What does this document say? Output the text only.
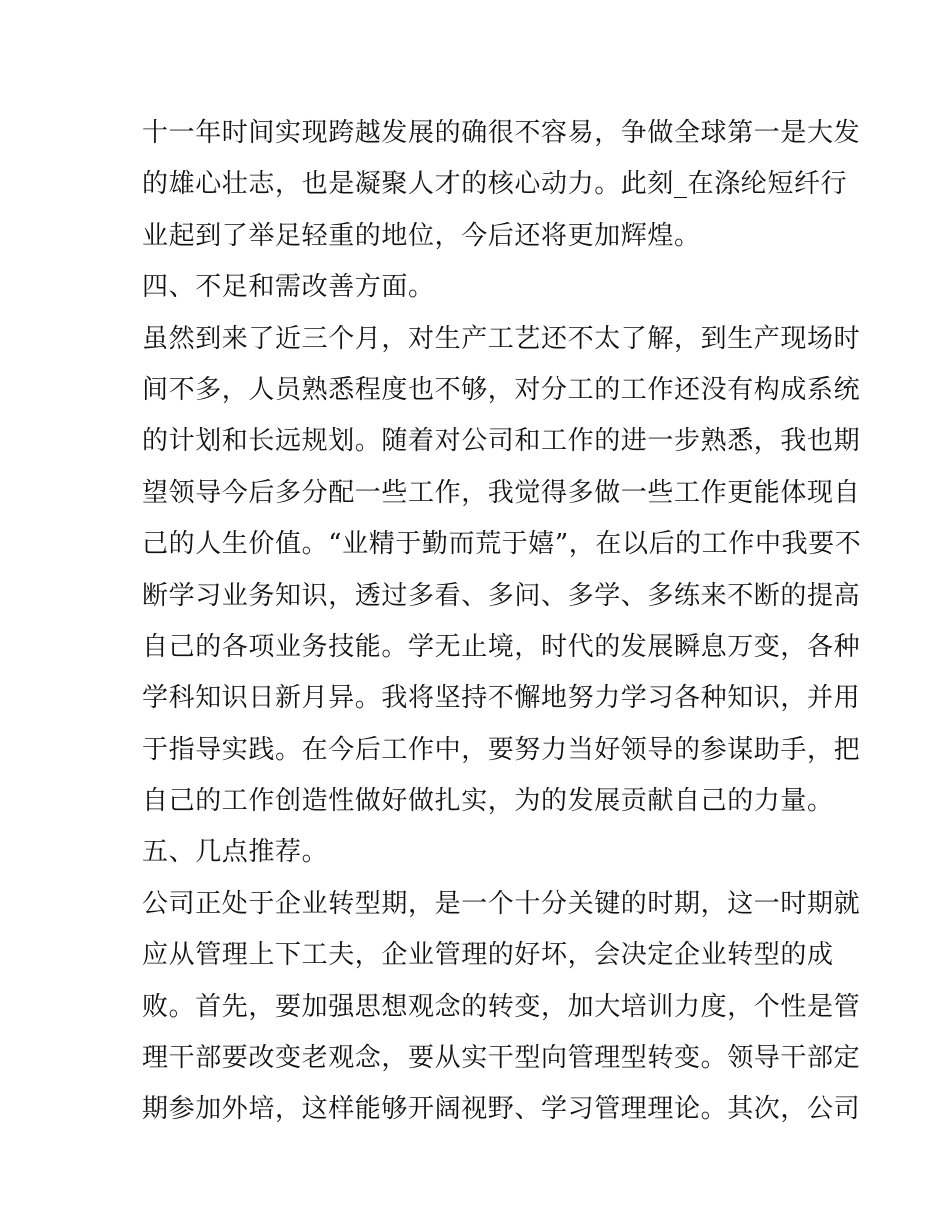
十一年时间实现跨越发展的确很不容易，争做全球第一是大发
的雄心壮志，也是凝聚人才的核心动力。此刻_在涤纶短纤行
业起到了举足轻重的地位，今后还将更加辉煌。
四、不足和需改善方面。
虽然到来了近三个月，对生产工艺还不太了解，到生产现场时
间不多，人员熟悉程度也不够，对分工的工作还没有构成系统
的计划和长远规划。随着对公司和工作的进一步熟悉，我也期
望领导今后多分配一些工作，我觉得多做一些工作更能体现自
己的人生价值。“业精于勤而荒于嬉”，在以后的工作中我要不
断学习业务知识，透过多看、多问、多学、多练来不断的提高
自己的各项业务技能。学无止境，时代的发展瞬息万变，各种
学科知识日新月异。我将坚持不懈地努力学习各种知识，并用
于指导实践。在今后工作中，要努力当好领导的参谋助手，把
自己的工作创造性做好做扎实，为的发展贡献自己的力量。
五、几点推荐。
公司正处于企业转型期，是一个十分关键的时期，这一时期就
应从管理上下工夫，企业管理的好坏，会决定企业转型的成
败。首先，要加强思想观念的转变，加大培训力度，个性是管
理干部要改变老观念，要从实干型向管理型转变。领导干部定
期参加外培，这样能够开阔视野、学习管理理论。其次，公司
